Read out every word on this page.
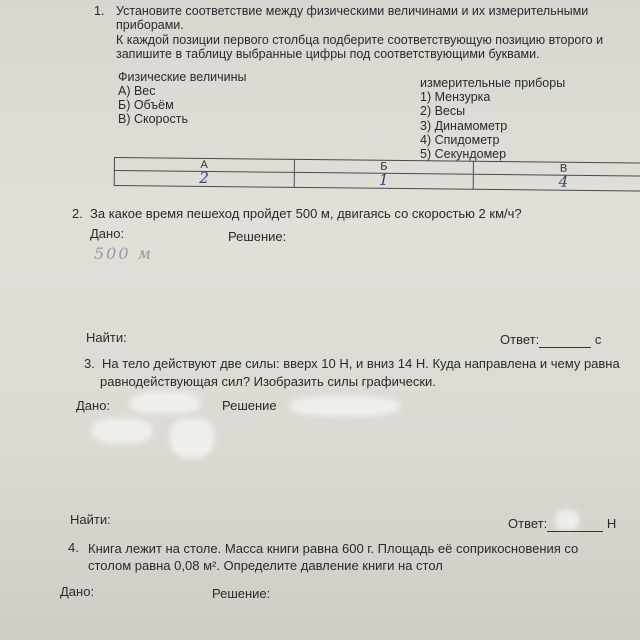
1. Установите соответствие между физическими величинами и их измерительными
приборами.
К каждой позиции первого столбца подберите соответствующую позицию второго и
запишите в таблицу выбранные цифры под соответствующими буквами.
Физические величины
А) Вес
Б) Объём
В) Скорость
измерительные приборы
1) Мензурка
2) Весы
3) Динамометр
4) Спидометр
5) Секундомер
А	Б	В
2	1	4
2. За какое время пешеход пройдет 500 м, двигаясь со скоростью 2 км/ч?
Дано:	Решение:
500 м
Найти:	Ответ:	с
3. На тело действуют две силы: вверх 10 Н, и вниз 14 Н. Куда направлена и чему равна
равнодействующая сил? Изобразить силы графически.
Дано:	Решение
Найти:	Ответ:	Н
4. Книга лежит на столе. Масса книги равна 600 г. Площадь её соприкосновения со
столом равна 0,08 м². Определите давление книги на стол
Дано:	Решение:
